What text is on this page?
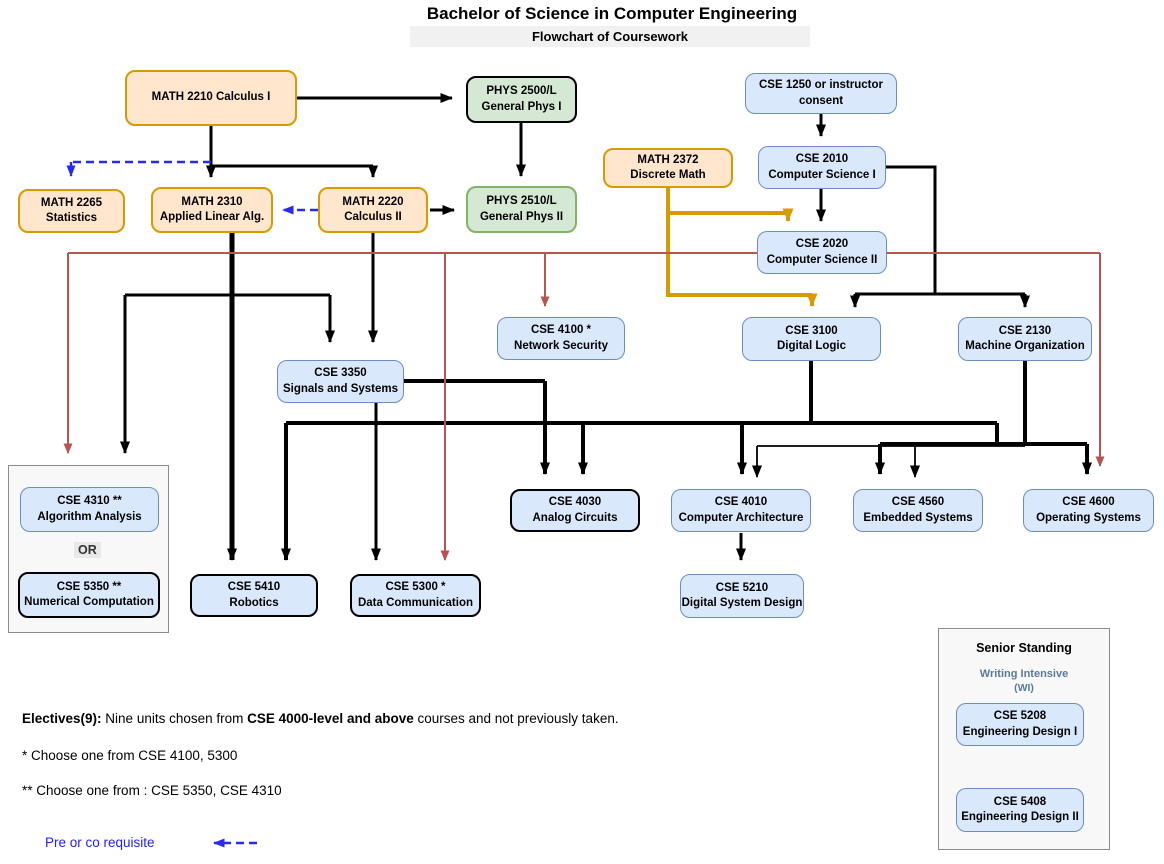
Bachelor of Science in Computer Engineering
Flowchart of Coursework
OR
Senior Standing
Writing Intensive
(WI)
MATH 2210 Calculus I
PHYS 2500/L
General Phys I
CSE 1250 or instructor
consent
MATH 2372
Discrete Math
CSE 2010
Computer Science I
MATH 2265
Statistics
MATH 2310
Applied Linear Alg.
MATH 2220
Calculus II
PHYS 2510/L
General Phys II
CSE 2020
Computer Science II
CSE 4100 *
Network Security
CSE 3100
Digital Logic
CSE 2130
Machine Organization
CSE 3350
Signals and Systems
CSE 4310 **
Algorithm Analysis
CSE 5350 **
Numerical Computation
CSE 4030
Analog Circuits
CSE 4010
Computer Architecture
CSE 4560
Embedded Systems
CSE 4600
Operating Systems
CSE 5410
Robotics
CSE 5300 *
Data Communication
CSE 5210
Digital System Design
CSE 5208
Engineering Design I
CSE 5408
Engineering Design II
Electives(9): Nine units chosen from CSE 4000-level and above courses and not previously taken.
* Choose one from CSE 4100, 5300
** Choose one from : CSE 5350, CSE 4310
Pre or co requisite
